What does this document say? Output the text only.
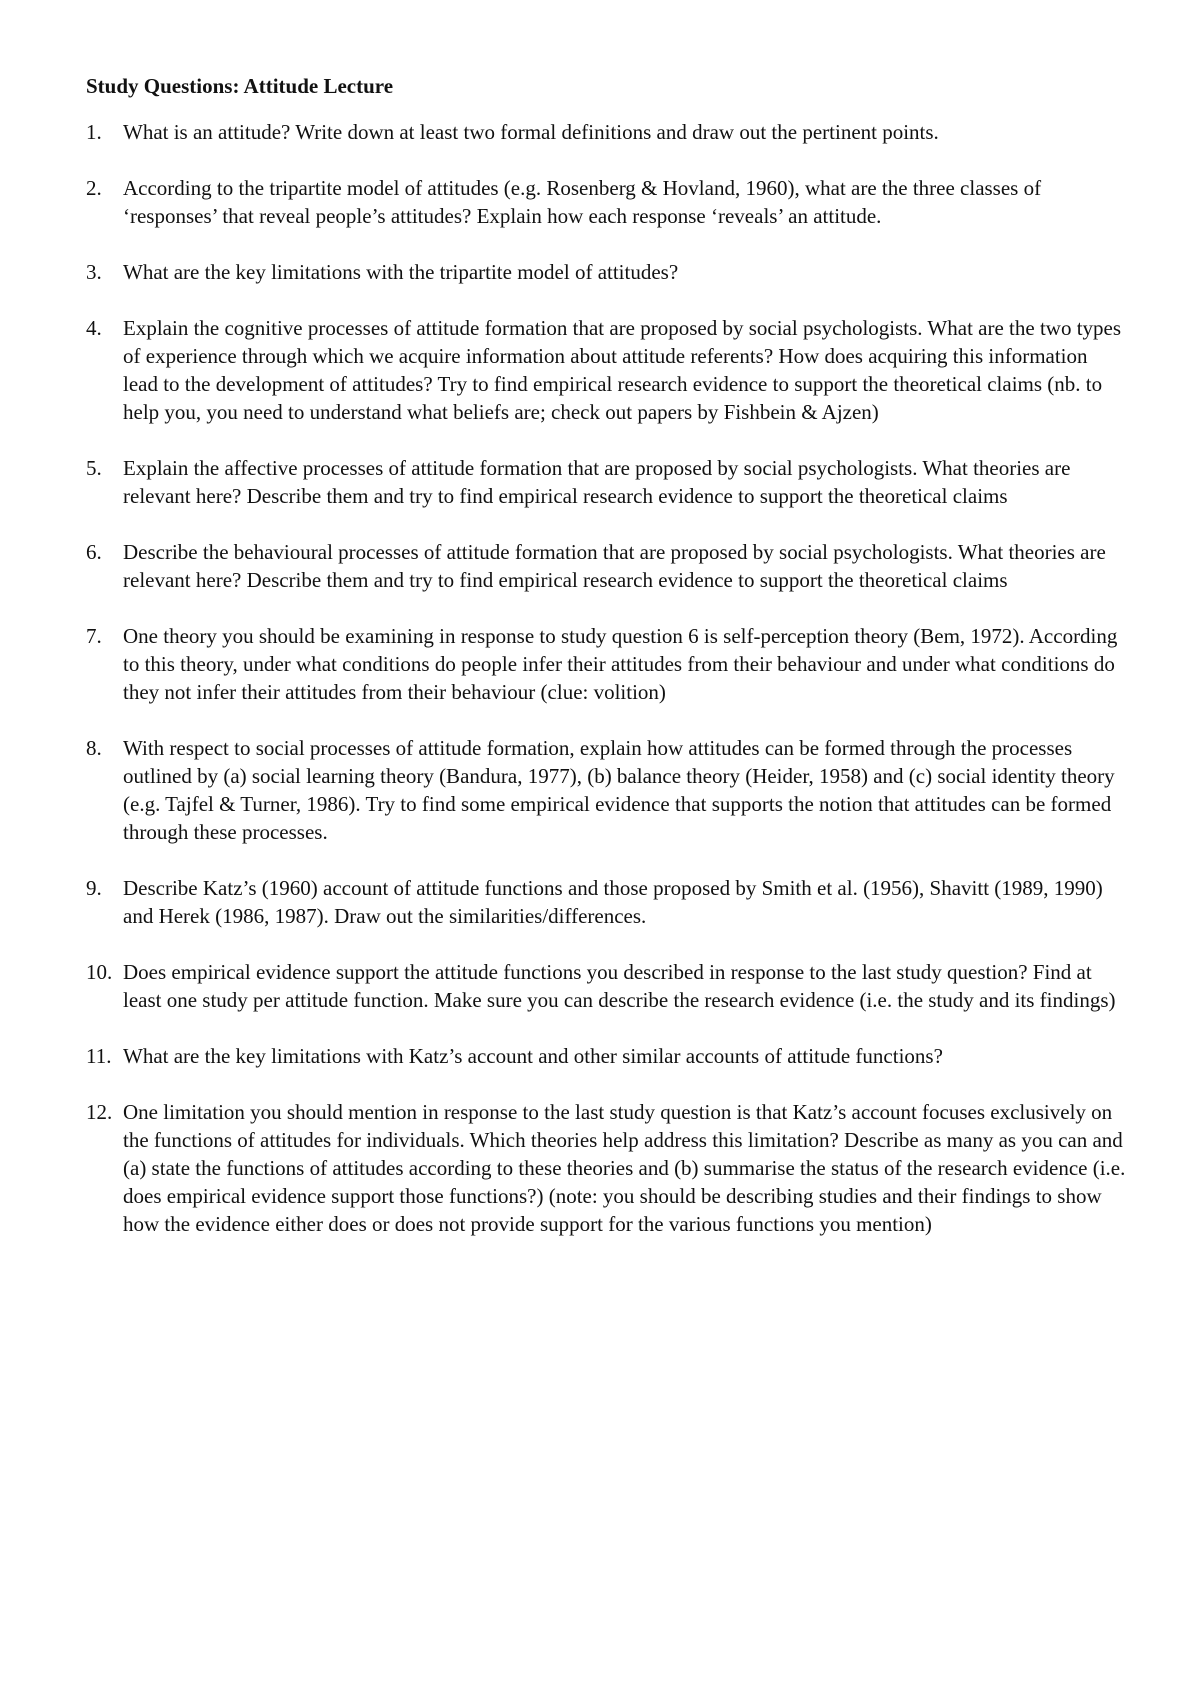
Study Questions: Attitude Lecture
1.	What is an attitude? Write down at least two formal definitions and draw out the pertinent points.
2.	According to the tripartite model of attitudes (e.g. Rosenberg & Hovland, 1960), what are the three classes of ‘responses’ that reveal people’s attitudes? Explain how each response ‘reveals’ an attitude.
3.	What are the key limitations with the tripartite model of attitudes?
4.	Explain the cognitive processes of attitude formation that are proposed by social psychologists. What are the two types of experience through which we acquire information about attitude referents? How does acquiring this information lead to the development of attitudes? Try to find empirical research evidence to support the theoretical claims (nb. to help you, you need to understand what beliefs are; check out papers by Fishbein & Ajzen)
5.	Explain the affective processes of attitude formation that are proposed by social psychologists. What theories are relevant here? Describe them and try to find empirical research evidence to support the theoretical claims
6.	Describe the behavioural processes of attitude formation that are proposed by social psychologists. What theories are relevant here? Describe them and try to find empirical research evidence to support the theoretical claims
7.	One theory you should be examining in response to study question 6 is self-perception theory (Bem, 1972). According to this theory, under what conditions do people infer their attitudes from their behaviour and under what conditions do they not infer their attitudes from their behaviour (clue: volition)
8.	With respect to social processes of attitude formation, explain how attitudes can be formed through the processes outlined by (a) social learning theory (Bandura, 1977), (b) balance theory (Heider, 1958) and (c) social identity theory (e.g. Tajfel & Turner, 1986). Try to find some empirical evidence that supports the notion that attitudes can be formed through these processes.
9.	Describe Katz’s (1960) account of attitude functions and those proposed by Smith et al. (1956), Shavitt (1989, 1990) and Herek (1986, 1987). Draw out the similarities/differences.
10. Does empirical evidence support the attitude functions you described in response to the last study question? Find at least one study per attitude function. Make sure you can describe the research evidence (i.e. the study and its findings)
11. What are the key limitations with Katz’s account and other similar accounts of attitude functions?
12. One limitation you should mention in response to the last study question is that Katz’s account focuses exclusively on the functions of attitudes for individuals. Which theories help address this limitation? Describe as many as you can and (a) state the functions of attitudes according to these theories and (b) summarise the status of the research evidence (i.e. does empirical evidence support those functions?) (note: you should be describing studies and their findings to show how the evidence either does or does not provide support for the various functions you mention)
